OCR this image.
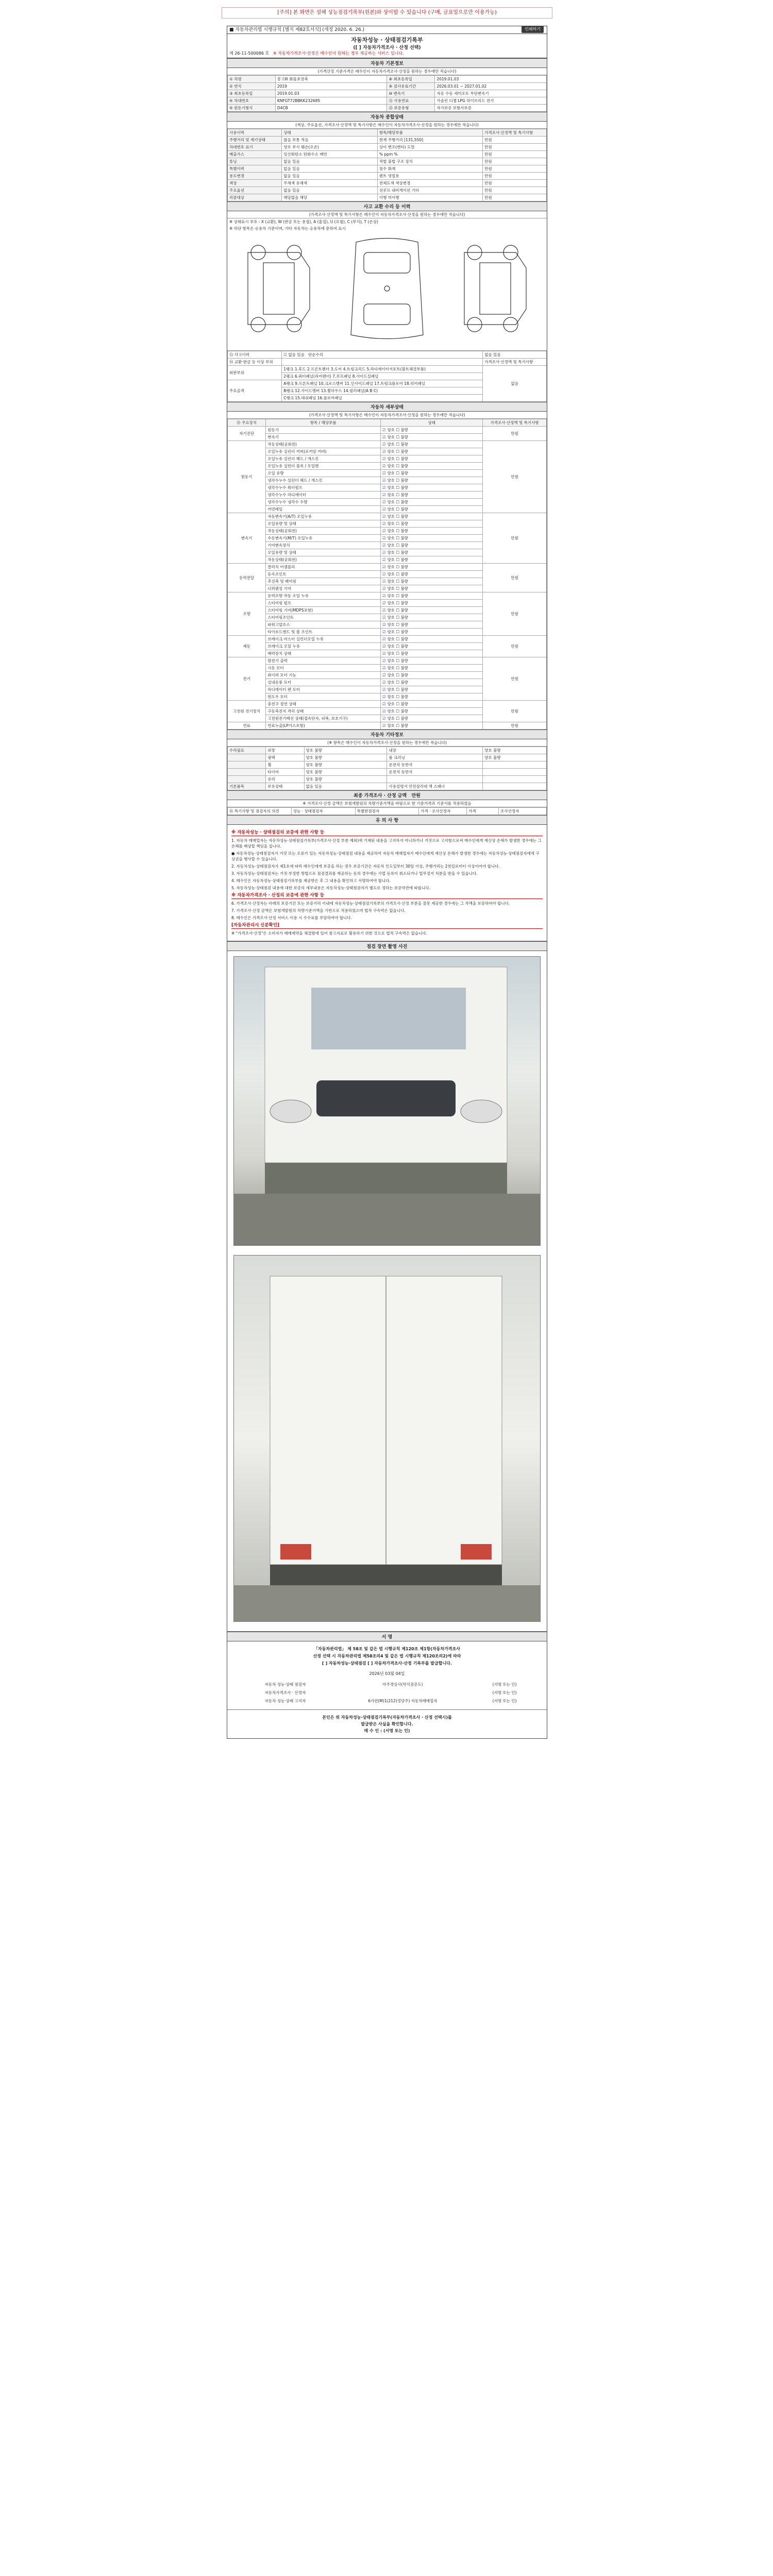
[주의] 본 화면은 설해 성능점검기록부(원본)와 상이할 수 있습니다 (구매, 금요일으로만 이용가능)
■ 자동차관리법 시행규칙 [별지 제82호서식] (개정 2020. 6. 26.)	인쇄하기
자동차성능 · 상태점검기록부
([ ] 자동차가격조사 · 산정 선택)
제 26-11-500086 호 ※ 자동차가격조사·산정은 매수인이 원하는 경우 제공하는 서비스 입니다.
자동차 기본정보
(가격산정 기준가격은 매수인이 자동차가격조사·산정을 원하는 경우에만 적습니다)
① 차명	봉고III 화물초장축	⑧ 최초등록일	2019.01.03
② 연식	2019	⑨ 검사유효기간	2026.03.01 ~ 2027.01.02
③ 최초등록일	2019.01.03	⑩ 변속기	자동 수동 세미오토 무단변속기
④ 차대번호	KNFGT72BBKK232685	⑪ 사용연료	가솔린 디젤 LPG 하이브리드 전기
⑤ 원동기형식	D4CB	⑫ 보증유형	자가보증 보험사보증
자동차 종합상태
(색상, 주요옵션, 가격조사·산정액 및 특기사항은 매수인이 자동차가격조사·산정을 원하는 경우에만 적습니다)
사용이력	상태	항목/해당부품	가격조사·산정액 및 특기사항
주행거리 및 계기상태	많음 보통 적음	현재 주행거리 [131,550]	만원
차대번호 표기	양호 부식 훼손(오손)	상이 변조(변타) 도말	만원
배출가스	일산화탄소 탄화수소 매연	% ppm %	만원
튜닝	없음 있음	적법 불법 구조 장치	만원
특별이력	없음 있음	침수 화재	만원
용도변경	없음 있음	렌트 영업용	만원
색상	무채색 유채색	전체도색 색상변경	만원
주요옵션	없음 있음	선루프 내비게이션 기타	만원
리콜대상	해당없음 해당	이행 미이행	만원
사고 교환 수리 등 이력
(가격조사·산정액 및 특기사항은 매수인이 자동차가격조사·산정을 원하는 경우에만 적습니다)
※ 상태표시 부호 : X (교환), W (판금 또는 용접), A (흠집), U (요철), C (부식), T (손상)
※ 하단 항목은 승용차 기준이며, 기타 자동차는 승용차에 준하여 표시
⑬ 사고이력	☑ 없음 있음 단순수리	없음 있음
⑭ 교환·판금 등 이상 부위		가격조사·산정액 및 특기사항
외판부위	1랭크 1.후드 2.프론트펜더 3.도어 4.트렁크리드 5.라디에이터서포트(볼트체결부품)	없음
	2랭크 6.쿼터패널(리어펜더) 7.루프패널 8.사이드실패널	
주요골격	A랭크 9.프론트패널 10.크로스멤버 11.인사이드패널 17.트렁크플로어 18.리어패널	
	B랭크 12.사이드멤버 13.휠하우스 14.필러패널(A B C)	
	C랭크 15.대쉬패널 16.플로어패널	
자동차 세부상태
(가격조사·산정액 및 특기사항은 매수인이 자동차가격조사·산정을 원하는 경우에만 적습니다)
⑮ 주요장치	항목 / 해당부품	상태	가격조사·산정액 및 특기사항
자기진단	원동기	☑ 양호 ☐ 불량	만원
	변속기	☑ 양호 ☐ 불량	
원동기	작동상태(공회전)	☑ 양호 ☐ 불량	만원
	오일누유 실린더 커버(로커암 커버)	☑ 양호 ☐ 불량	
	오일누유 실린더 헤드 / 개스킷	☑ 양호 ☐ 불량	
	오일누유 실린더 블록 / 오일팬	☑ 양호 ☐ 불량	
	오일 유량	☑ 양호 ☐ 불량	
	냉각수누수 실린더 헤드 / 개스킷	☑ 양호 ☐ 불량	
	냉각수누수 워터펌프	☑ 양호 ☐ 불량	
	냉각수누수 라디에이터	☑ 양호 ☐ 불량	
	냉각수누수 냉각수 수량	☑ 양호 ☐ 불량	
	커먼레일	☑ 양호 ☐ 불량	
변속기	자동변속기(A/T) 오일누유	☑ 양호 ☐ 불량	만원
	오일유량 및 상태	☑ 양호 ☐ 불량	
	작동상태(공회전)	☑ 양호 ☐ 불량	
	수동변속기(M/T) 오일누유	☑ 양호 ☐ 불량	
	기어변속장치	☑ 양호 ☐ 불량	
	오일유량 및 상태	☑ 양호 ☐ 불량	
	작동상태(공회전)	☑ 양호 ☐ 불량	
동력전달	클러치 어셈블리	☑ 양호 ☐ 불량	만원
	등속조인트	☑ 양호 ☐ 불량	
	추진축 및 베어링	☑ 양호 ☐ 불량	
	디퍼렌셜 기어	☑ 양호 ☐ 불량	
조향	동력조향 작동 오일 누유	☑ 양호 ☐ 불량	만원
	스티어링 펌프	☑ 양호 ☐ 불량	
	스티어링 기어(MDPS포함)	☑ 양호 ☐ 불량	
	스티어링조인트	☑ 양호 ☐ 불량	
	파워고압호스	☑ 양호 ☐ 불량	
	타이로드엔드 및 볼 조인트	☑ 양호 ☐ 불량	
제동	브레이크 마스터 실린더오일 누유	☑ 양호 ☐ 불량	만원
	브레이크 오일 누유	☑ 양호 ☐ 불량	
	배력장치 상태	☑ 양호 ☐ 불량	
전기	발전기 출력	☑ 양호 ☐ 불량	만원
	시동 모터	☑ 양호 ☐ 불량	
	와이퍼 모터 기능	☑ 양호 ☐ 불량	
	실내송풍 모터	☑ 양호 ☐ 불량	
	라디에이터 팬 모터	☑ 양호 ☐ 불량	
	윈도우 모터	☑ 양호 ☐ 불량	
고전원 전기장치	충전구 절연 상태	☑ 양호 ☐ 불량	만원
	구동축전지 격리 상태	☑ 양호 ☐ 불량	
	고전원전기배선 상태(접속단자, 피복, 보호기구)	☑ 양호 ☐ 불량	
연료	연료누출(LP가스포함)	☑ 양호 ☐ 불량	만원
자동차 기타정보
(※ 항목은 매수인이 자동차가격조사·산정을 원하는 경우에만 적습니다)
수리필요	외장	양호 불량	내장	양호 불량
	광택	양호 불량	룸 크리닝	양호 불량
	휠	양호 불량	운전석 동반석	
	타이어	양호 불량	운전석 동반석	
	유리	양호 불량		
기본품목	보유상태	없음 있음	사용설명서 안전삼각대 잭 스패너	
최종 가격조사 · 산정 금액 만원
※ 가격조사·산정 금액은 보험개발원의 차량기준가액을 바탕으로 한 기준가격과 기준서를 적용하였음
⑯ 특기사항 및 점검자의 의견	성능 · 상태점검자	특별한점검자	가격 · 조사산정자	가격	조사산정자
유 의 사 항
※ 자동차성능 · 상태점검의 보증에 관한 사항 등

1. 자동차 매매업자는 자동차성능·상태점검기록부(가격조사·산정 부분 제외)에 기재된 내용을 고지하지 아니하거나 거짓으로 고지함으로써 매수인에게 재산상 손해가 발생한 경우에는 그 손해를 배상할 책임을 집니다.

● 자동차성능·상태점검자가 거짓 또는 오류가 있는 자동차성능·상태점검 내용을 제공하여 자동차 매매업자가 매수인에게 재산상 손해가 발생한 경우에는 자동차성능·상태점검자에게 구상권을 행사할 수 있습니다.

2. 자동차성능·상태점검자가 제1호에 따라 매수인에게 보증을 하는 경우 보증기간은 자동차 인도일부터 30일 이상, 주행거리는 2천킬로미터 이상이어야 합니다.

3. 자동차성능·상태점검자는 거짓·부정한 방법으로 점검결과를 제공하는 등의 경우에는 사업 등록이 취소되거나 업무정지 처분을 받을 수 있습니다.

4. 매수인은 자동차성능·상태점검기록부를 제공받은 후 그 내용을 확인하고 서명하여야 합니다.

5. 자동차성능·상태점검 내용에 대한 보증의 세부내용은 자동차성능·상태점검자가 별도로 정하는 보증약관에 따릅니다.

※ 자동차가격조사 · 산정의 보증에 관한 사항 등

6. 가격조사·산정자는 아래의 보증기간 또는 보증거리 이내에 자동차성능·상태점검기록부의 가격조사·산정 부분을 잘못 제공한 경우에는 그 차액을 보증하여야 합니다.

7. 가격조사·산정 금액은 보험개발원의 차량기준가액을 기반으로 적용하였으며 법적 구속력은 없습니다.

8. 매수인은 가격조사·산정 서비스 이용 시 수수료를 부담하여야 합니다.

[자동차관리시 신분확인]

※ "가격조사·산정"은 소비자가 매매계약을 체결함에 있어 참고자료로 활용하기 위한 것으로 법적 구속력은 없습니다.

점검 장면 촬영 사진
서 명
「자동차관리법」 제 58조 및 같은 법 시행규칙 제120조 제1항(자동차가격조사
산정 선택 시 자동차관리법 제58조의4 및 같은 법 시행규칙 제120조의2)에 따라
[ ] 자동차성능·상태점검 [ ] 자동차가격조사·산정 기록부를 발급합니다.
2026년 03월 04일
자동차 성능·상태 점검자	아주경심사(약식검증도)	(서명 또는 인)
자동차가격조사 · 산정자		(서명 또는 인)
자동차 성능·상태 고지자	6가련(M)1(212)정당주) 자동차매매업자	(서명 또는 인)
본인은 위 자동차성능·상태점검기록부(자동차가격조사 · 산정 선택시)를
발급받은 사실을 확인합니다.
매 수 인 : (서명 또는 인)
